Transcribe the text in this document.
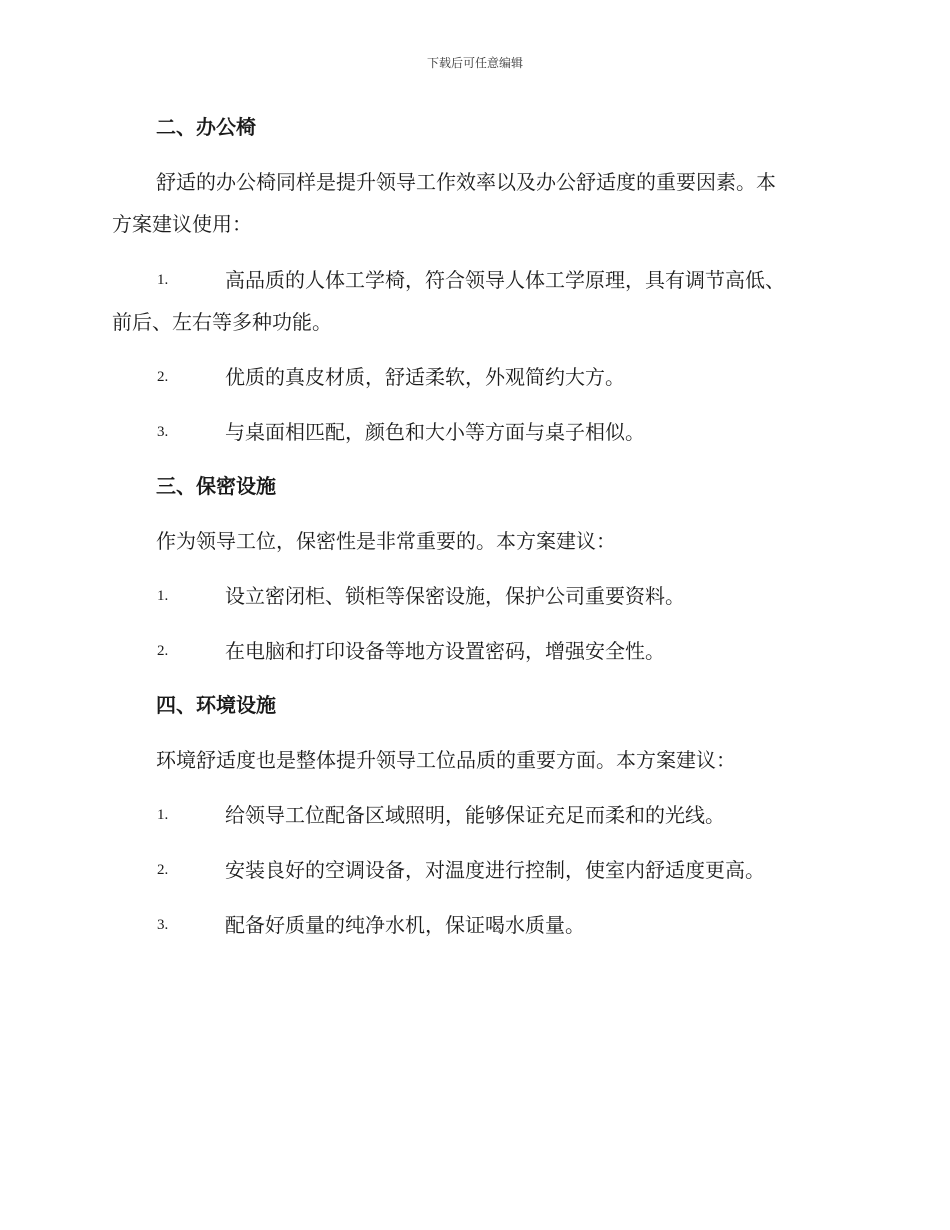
下载后可任意编辑
二、办公椅
舒适的办公椅同样是提升领导工作效率以及办公舒适度的重要因素。本
方案建议使用：
1.	高品质的人体工学椅，符合领导人体工学原理，具有调节高低、
前后、左右等多种功能。
2.	优质的真皮材质，舒适柔软，外观简约大方。
3.	与桌面相匹配，颜色和大小等方面与桌子相似。
三、保密设施
作为领导工位，保密性是非常重要的。本方案建议：
1.	设立密闭柜、锁柜等保密设施，保护公司重要资料。
2.	在电脑和打印设备等地方设置密码，增强安全性。
四、环境设施
环境舒适度也是整体提升领导工位品质的重要方面。本方案建议：
1.	给领导工位配备区域照明，能够保证充足而柔和的光线。
2.	安装良好的空调设备，对温度进行控制，使室内舒适度更高。
3.	配备好质量的纯净水机，保证喝水质量。
